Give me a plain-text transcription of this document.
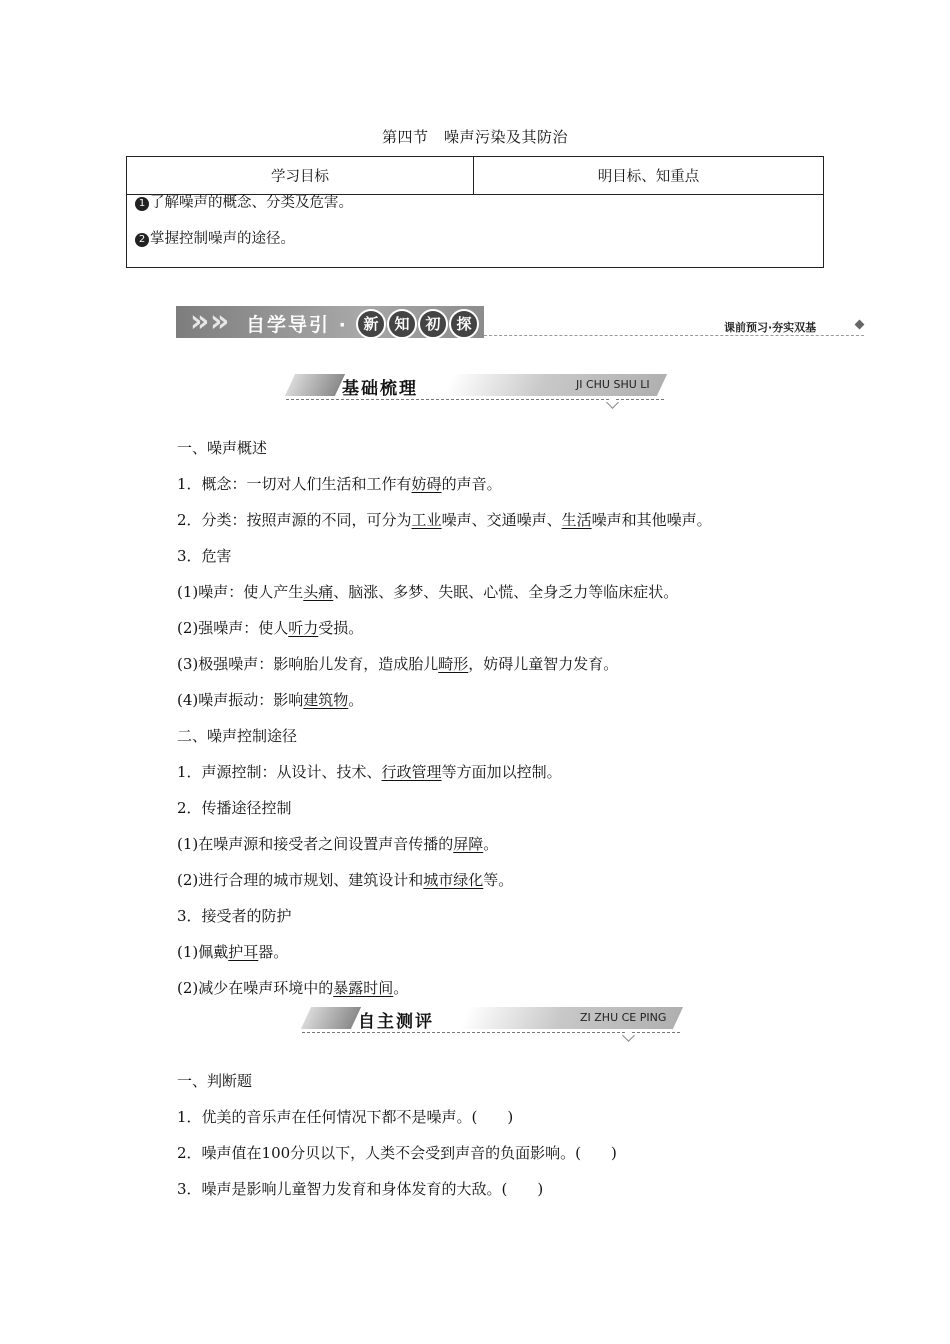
第四节　噪声污染及其防治
学习目标	明目标、知重点

1 了解噪声的概念、分类及危害。
2 掌握控制噪声的途径。
» » 自学导引 ·	新 知 初 探	课前预习·夯实双基
基础梳理	JI CHU SHU LI
一、噪声概述
1．概念：一切对人们生活和工作有妨碍的声音。
2．分类：按照声源的不同，可分为工业噪声、交通噪声、生活噪声和其他噪声。
3．危害
(1)噪声：使人产生头痛、脑涨、多梦、失眠、心慌、全身乏力等临床症状。
(2)强噪声：使人听力受损。
(3)极强噪声：影响胎儿发育，造成胎儿畸形，妨碍儿童智力发育。
(4)噪声振动：影响建筑物。
二、噪声控制途径
1．声源控制：从设计、技术、行政管理等方面加以控制。
2．传播途径控制
(1)在噪声源和接受者之间设置声音传播的屏障。
(2)进行合理的城市规划、建筑设计和城市绿化等。
3．接受者的防护
(1)佩戴护耳器。
(2)减少在噪声环境中的暴露时间。
自主测评	ZI ZHU CE PING
一、判断题
1．优美的音乐声在任何情况下都不是噪声。(　　)
2．噪声值在100分贝以下，人类不会受到声音的负面影响。(　　)
3．噪声是影响儿童智力发育和身体发育的大敌。(　　)
